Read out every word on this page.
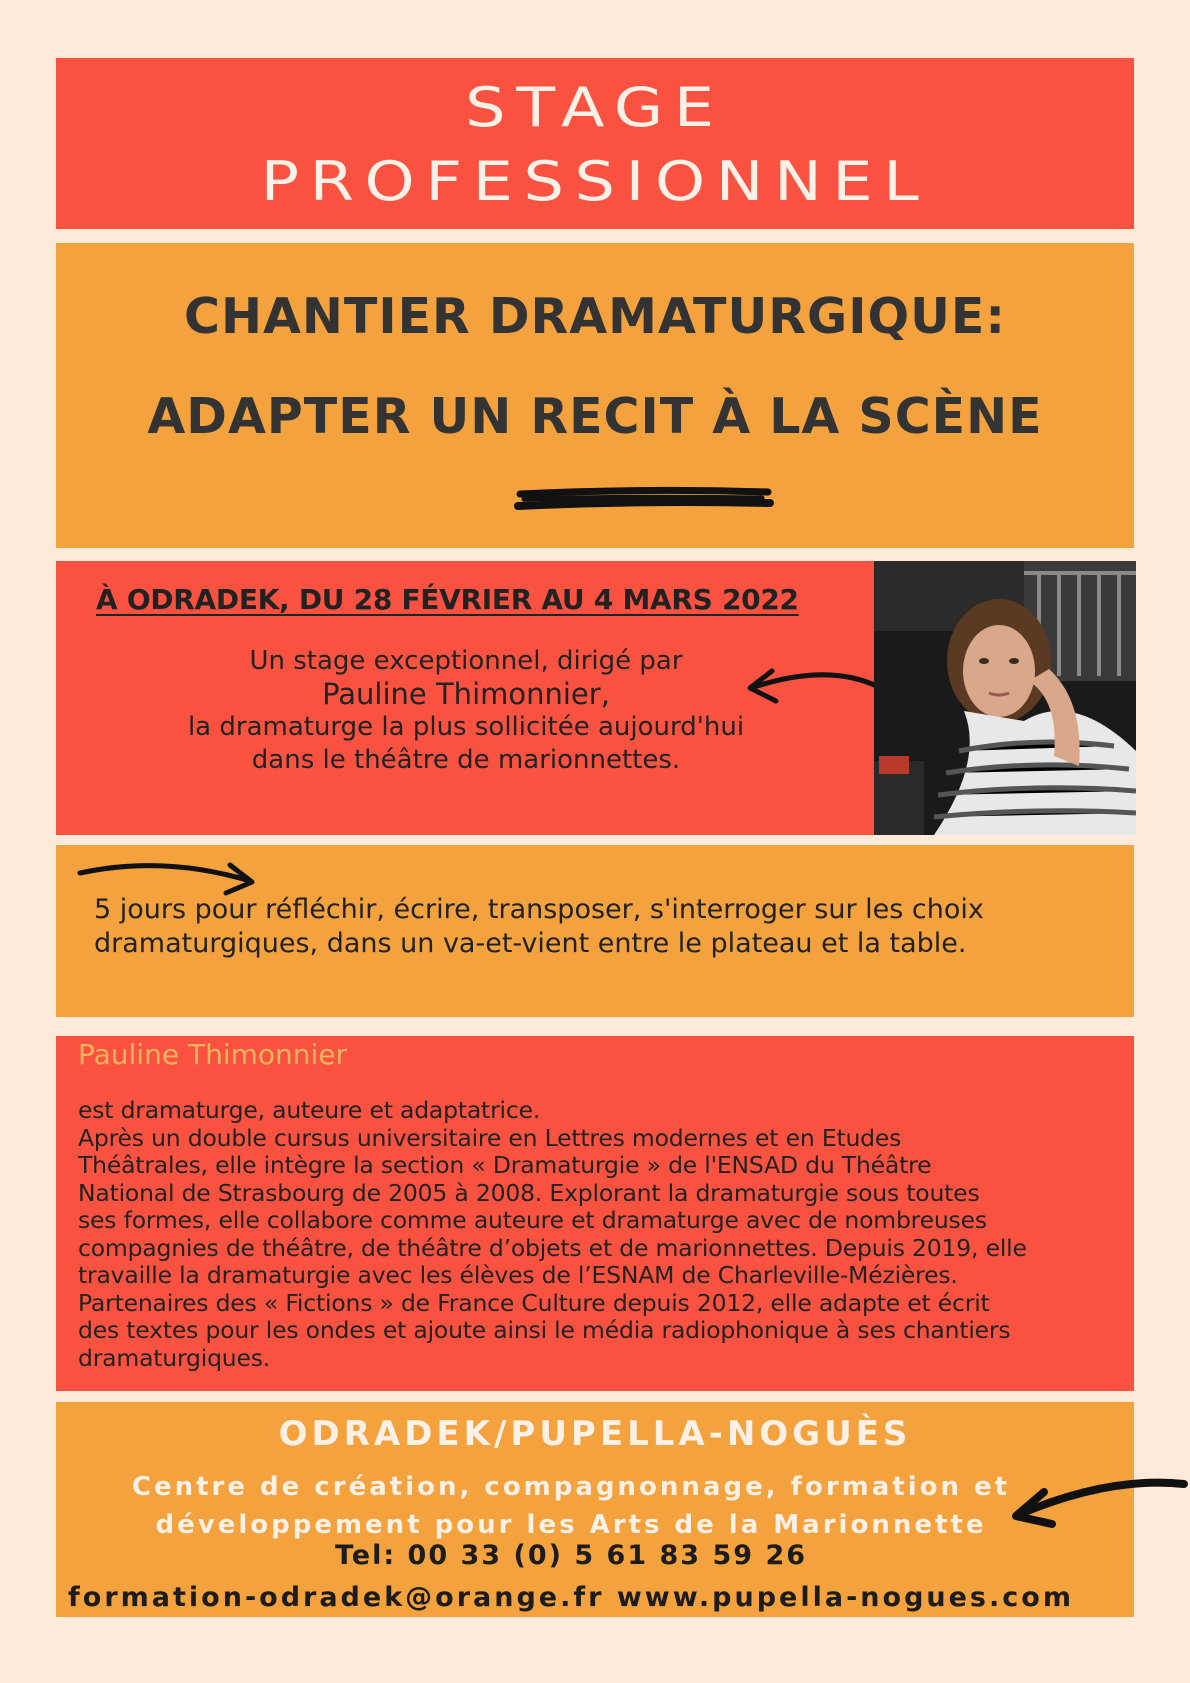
STAGE
PROFESSIONNEL
CHANTIER DRAMATURGIQUE:
ADAPTER UN RECIT À LA SCÈNE
À ODRADEK, DU 28 FÉVRIER AU 4 MARS 2022
Un stage exceptionnel, dirigé par
Pauline Thimonnier,
la dramaturge la plus sollicitée aujourd'hui
dans le théâtre de marionnettes.
5 jours pour réfléchir, écrire, transposer, s'interroger sur les choix dramaturgiques, dans un va-et-vient entre le plateau et la table.
Pauline Thimonnier
est dramaturge, auteure et adaptatrice.
Après un double cursus universitaire en Lettres modernes et en Etudes
Théâtrales, elle intègre la section « Dramaturgie » de l'ENSAD du Théâtre
National de Strasbourg de 2005 à 2008. Explorant la dramaturgie sous toutes
ses formes, elle collabore comme auteure et dramaturge avec de nombreuses
compagnies de théâtre, de théâtre d’objets et de marionnettes. Depuis 2019, elle
travaille la dramaturgie avec les élèves de l’ESNAM de Charleville-Mézières.
Partenaires des « Fictions » de France Culture depuis 2012, elle adapte et écrit
des textes pour les ondes et ajoute ainsi le média radiophonique à ses chantiers
dramaturgiques.
ODRADEK/PUPELLA-NOGUÈS
Centre de création, compagnonnage, formation et
développement pour les Arts de la Marionnette
Tel: 00 33 (0) 5 61 83 59 26
formation-odradek@orange.fr www.pupella-nogues.com
